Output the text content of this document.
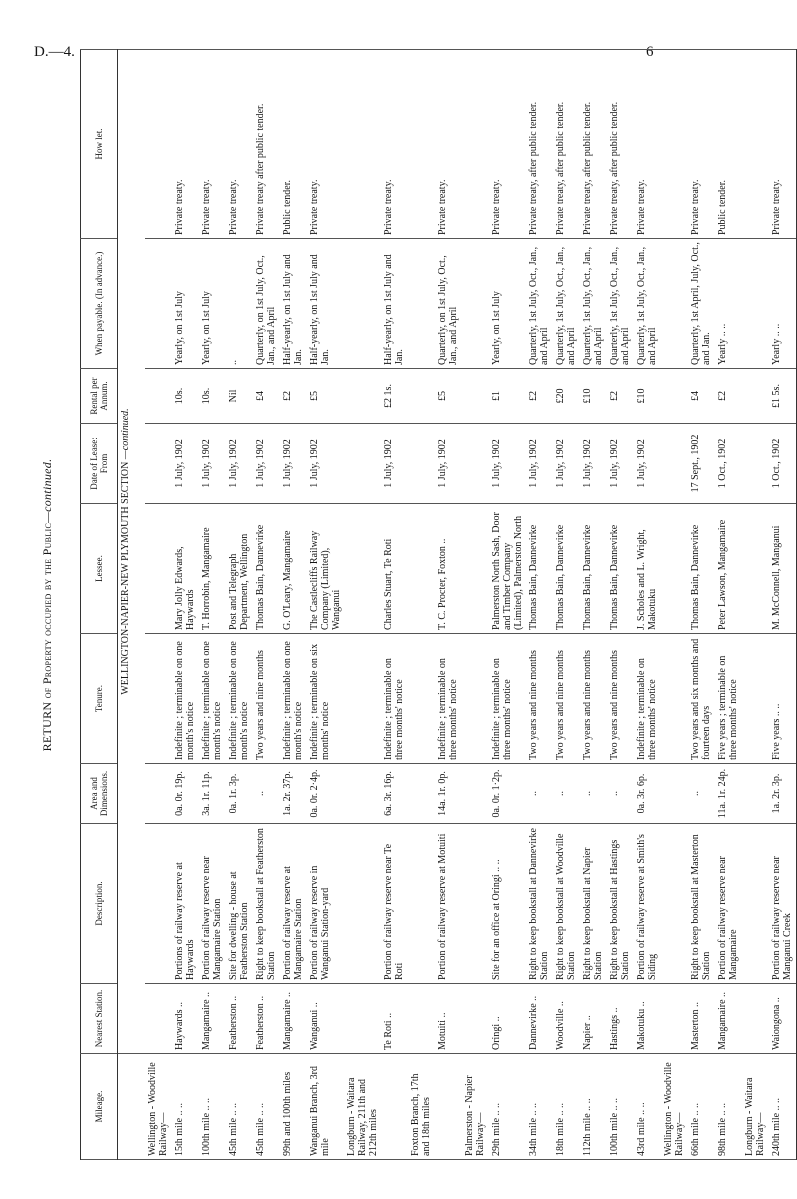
D.—4.	6
RETURN of Property occupied by the Public—continued.
Mileage.	Nearest Station.	Description.	Area and Dimensions.	Tenure.	Lessee.	Date of Lease: From	Rental per Annum.	When payable. (In advance.)	How let.
	WELLINGTON-NAPIER-NEW PLYMOUTH SECTION —continued.								
Wellington - Woodville Railway—									
15th mile .. ..	Haywards ..	Portions of railway reserve at Haywards	0a. 0r. 19p.	Indefinite ; terminable on one month's notice	Mary Jolly Edwards, Haywards	1 July, 1902	10s.	Yearly, on 1st July	Private treaty.
100th mile .. ..	Mangamaire ..	Portion of railway reserve near Mangamaire Station	3a. 1r. 11p.	Indefinite ; terminable on one month's notice	T. Horrobin, Mangamaire	1 July, 1902	10s.	Yearly, on 1st July	Private treaty.
45th mile .. ..	Featherston ..	Site for dwelling - house at Featherston Station	0a. 1r. 3p.	Indefinite ; terminable on one month's notice	Post and Telegraph Department, Wellington	1 July, 1902	Nil	..	Private treaty.
45th mile .. ..	Featherston ..	Right to keep bookstall at Featherston Station	..	Two years and nine months	Thomas Bain, Dannevirke	1 July, 1902	£4	Quarterly, on 1st July, Oct., Jan., and April	Private treaty after public tender.
99th and 100th miles	Mangamaire ..	Portion of railway reserve at Mangamaire Station	1a. 2r. 37p.	Indefinite ; terminable on one month's notice	G. O'Leary, Mangamaire	1 July, 1902	£2	Half-yearly, on 1st July and Jan.	Public tender.
Wanganui Branch, 3rd mile	Wanganui ..	Portion of railway reserve in Wanganui Station-yard	0a. 0r. 2·4p.	Indefinite ; terminable on six months' notice	The Castlecliffs Railway Company (Limited), Wanganui	1 July, 1902	£5	Half-yearly, on 1st July and Jan.	Private treaty.
Longburn - Waitara Railway, 211th and 212th miles									
	Te Roti ..	Portion of railway reserve near Te Roti	6a. 3r. 16p.	Indefinite ; terminable on three months' notice	Charles Stuart, Te Roti	1 July, 1902	£2 1s.	Half-yearly, on 1st July and Jan.	Private treaty.
Foxton Branch, 17th and 18th miles									
	Motuiti ..	Portion of railway reserve at Motuiti	14a. 1r. 0p.	Indefinite ; terminable on three months' notice	T. C. Procter, Foxton ..	1 July, 1902	£5	Quarterly, on 1st July, Oct., Jan., and April	Private treaty.
Palmerston - Napier Railway—									
29th mile .. ..	Oringi ..	Site for an office at Oringi .. ..	0a. 0r. 1·2p.	Indefinite ; terminable on three months' notice	Palmerston North Sash, Door and Timber Company (Limited), Palmerston North	1 July, 1902	£1	Yearly, on 1st July	Private treaty.
34th mile .. ..	Dannevirke ..	Right to keep bookstall at Dannevirke Station	..	Two years and nine months	Thomas Bain, Dannevirke	1 July, 1902	£2	Quarterly, 1st July, Oct., Jan., and April	Private treaty, after public tender.
18th mile .. ..	Woodville ..	Right to keep bookstall at Woodville Station	..	Two years and nine months	Thomas Bain, Dannevirke	1 July, 1902	£20	Quarterly, 1st July, Oct., Jan., and April	Private treaty, after public tender.
112th mile .. ..	Napier ..	Right to keep bookstall at Napier Station	..	Two years and nine months	Thomas Bain, Dannevirke	1 July, 1902	£10	Quarterly, 1st July, Oct., Jan., and April	Private treaty, after public tender.
100th mile .. ..	Hastings ..	Right to keep bookstall at Hastings Station	..	Two years and nine months	Thomas Bain, Dannevirke	1 July, 1902	£2	Quarterly, 1st July, Oct., Jan., and April	Private treaty, after public tender.
43rd mile .. ..	Makotuku ..	Portion of railway reserve at Smith's Siding	0a. 3r. 6p.	Indefinite ; terminable on three months' notice	J. Scholes and L. Wright, Makotuku	1 July, 1902	£10	Quarterly, 1st July, Oct., Jan., and April	Private treaty.
Wellington - Woodville Railway—									
66th mile .. ..	Masterton ..	Right to keep bookstall at Masterton Station	..	Two years and six months and fourteen days	Thomas Bain, Dannevirke	17 Sept., 1902	£4	Quarterly, 1st April, July, Oct., and Jan.	Private treaty.
98th mile .. ..	Mangamaire ..	Portion of railway reserve near Mangamaire	11a. 1r. 24p.	Five years ; terminable on three months' notice	Peter Lawson, Mangamaire	1 Oct., 1902	£2	Yearly .. ..	Public tender.
Longburn - Waitara Railway—									
240th mile .. ..	Waiongona ..	Portion of railway reserve near Manganui Creek	1a. 2r. 3p.	Five years .. ..	M. McConnell, Manganui	1 Oct., 1902	£1 5s.	Yearly .. ..	Private treaty.
